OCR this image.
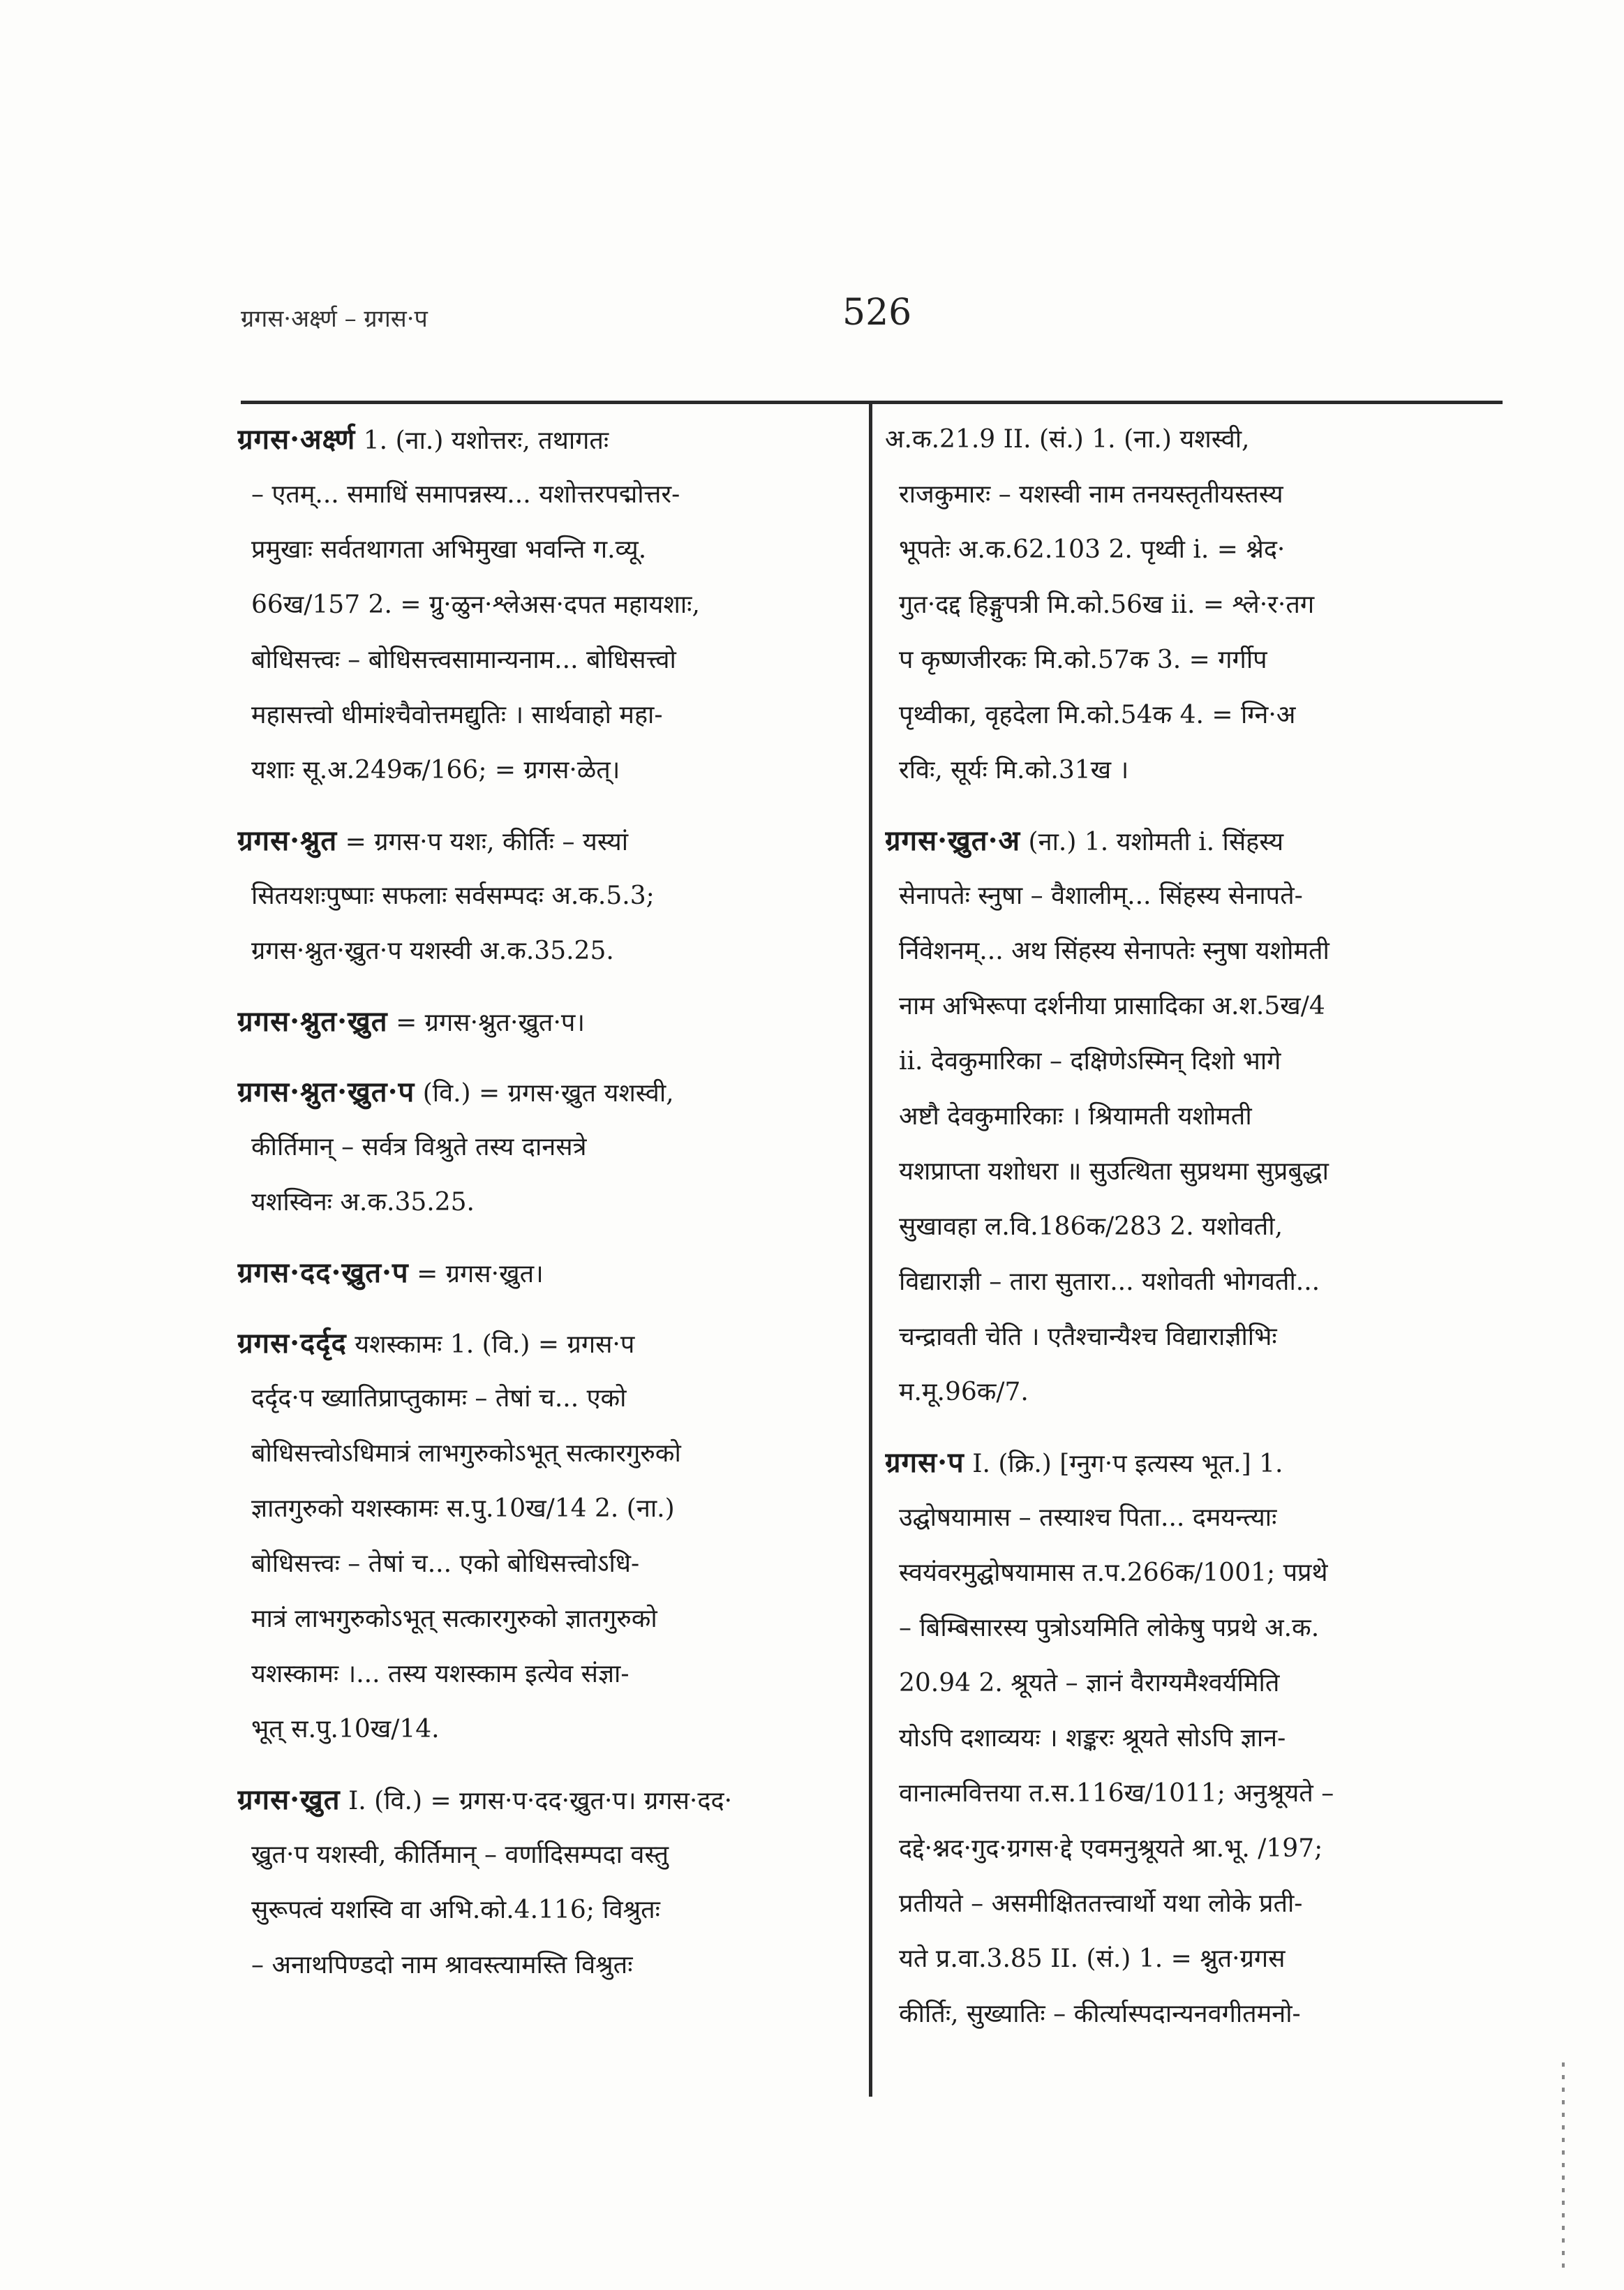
ग्रगस·अर्क्ष्ण – ग्रगस·प	526
ग्रगस·अर्क्ष्ण 1. (ना.) यशोत्तरः, तथागतः
– एतम्... समाधिं समापन्नस्य... यशोत्तरपद्मोत्तर-
प्रमुखाः सर्वतथागता अभिमुखा भवन्ति ग.व्यू.
66ख/157 2. = ग्रु·ळुन·श्लेअस·दपत महायशाः,
बोधिसत्त्वः – बोधिसत्त्वसामान्यनाम... बोधिसत्त्वो
महासत्त्वो धीमांश्चैवोत्तमद्युतिः । सार्थवाहो महा-
यशाः सू.अ.249क/166; = ग्रगस·ळेत्।
ग्रगस·श्नुत = ग्रगस·प यशः, कीर्तिः – यस्यां
सितयशःपुष्पाः सफलाः सर्वसम्पदः अ.क.5.3;
ग्रगस·श्नुत·ख्रुत·प यशस्वी अ.क.35.25.
ग्रगस·श्नुत·ख्रुत = ग्रगस·श्नुत·ख्रुत·प।
ग्रगस·श्नुत·ख्रुत·प (वि.) = ग्रगस·ख्रुत यशस्वी,
कीर्तिमान् – सर्वत्र विश्रुते तस्य दानसत्रे
यशस्विनः अ.क.35.25.
ग्रगस·दद·ख्रुत·प = ग्रगस·ख्रुत।
ग्रगस·दर्दृद यशस्कामः 1. (वि.) = ग्रगस·प
दर्दृद·प ख्यातिप्राप्तुकामः – तेषां च... एको
बोधिसत्त्वोऽधिमात्रं लाभगुरुकोऽभूत् सत्कारगुरुको
ज्ञातगुरुको यशस्कामः स.पु.10ख/14 2. (ना.)
बोधिसत्त्वः – तेषां च... एको बोधिसत्त्वोऽधि-
मात्रं लाभगुरुकोऽभूत् सत्कारगुरुको ज्ञातगुरुको
यशस्कामः ।... तस्य यशस्काम इत्येव संज्ञा-
भूत् स.पु.10ख/14.
ग्रगस·ख्रुत I. (वि.) = ग्रगस·प·दद·ख्रुत·प। ग्रगस·दद·
ख्रुत·प यशस्वी, कीर्तिमान् – वर्णादिसम्पदा वस्तु
सुरूपत्वं यशस्वि वा अभि.को.4.116; विश्रुतः
– अनाथपिण्डदो नाम श्रावस्त्यामस्ति विश्रुतः
अ.क.21.9 II. (सं.) 1. (ना.) यशस्वी,
राजकुमारः – यशस्वी नाम तनयस्तृतीयस्तस्य
भूपतेः अ.क.62.103 2. पृथ्वी i. = श्नेद·
गुत·दद्द हिङ्गुपत्री मि.को.56ख ii. = श्ले·र·तग
प कृष्णजीरकः मि.को.57क 3. = गर्गीप
पृथ्वीका, वृहदेला मि.को.54क 4. = ग्नि·अ
रविः, सूर्यः मि.को.31ख ।
ग्रगस·ख्रुत·अ (ना.) 1. यशोमती i. सिंहस्य
सेनापतेः स्नुषा – वैशालीम्... सिंहस्य सेनापते-
र्निवेशनम्... अथ सिंहस्य सेनापतेः स्नुषा यशोमती
नाम अभिरूपा दर्शनीया प्रासादिका अ.श.5ख/4
ii. देवकुमारिका – दक्षिणेऽस्मिन् दिशो भागे
अष्टौ देवकुमारिकाः । श्रियामती यशोमती
यशप्राप्ता यशोधरा ॥ सुउत्थिता सुप्रथमा सुप्रबुद्धा
सुखावहा ल.वि.186क/283 2. यशोवती,
विद्याराज्ञी – तारा सुतारा... यशोवती भोगवती...
चन्द्रावती चेति । एतैश्चान्यैश्च विद्याराज्ञीभिः
म.मू.96क/7.
ग्रगस·प I. (क्रि.) [ग्नुग·प इत्यस्य भूत.] 1.
उद्घोषयामास – तस्याश्च पिता... दमयन्त्याः
स्वयंवरमुद्घोषयामास त.प.266क/1001; पप्रथे
– बिम्बिसारस्य पुत्रोऽयमिति लोकेषु पप्रथे अ.क.
20.94 2. श्रूयते – ज्ञानं वैराग्यमैश्वर्यमिति
योऽपि दशाव्ययः । शङ्करः श्रूयते सोऽपि ज्ञान-
वानात्मवित्तया त.स.116ख/1011; अनुश्रूयते –
दद्दे·श्नद·गुद·ग्रगस·द्दे एवमनुश्रूयते श्रा.भू. /197;
प्रतीयते – असमीक्षिततत्त्वार्थो यथा लोके प्रती-
यते प्र.वा.3.85 II. (सं.) 1. = श्नुत·ग्रगस
कीर्तिः, सुख्यातिः – कीर्त्यास्पदान्यनवगीतमनो-
